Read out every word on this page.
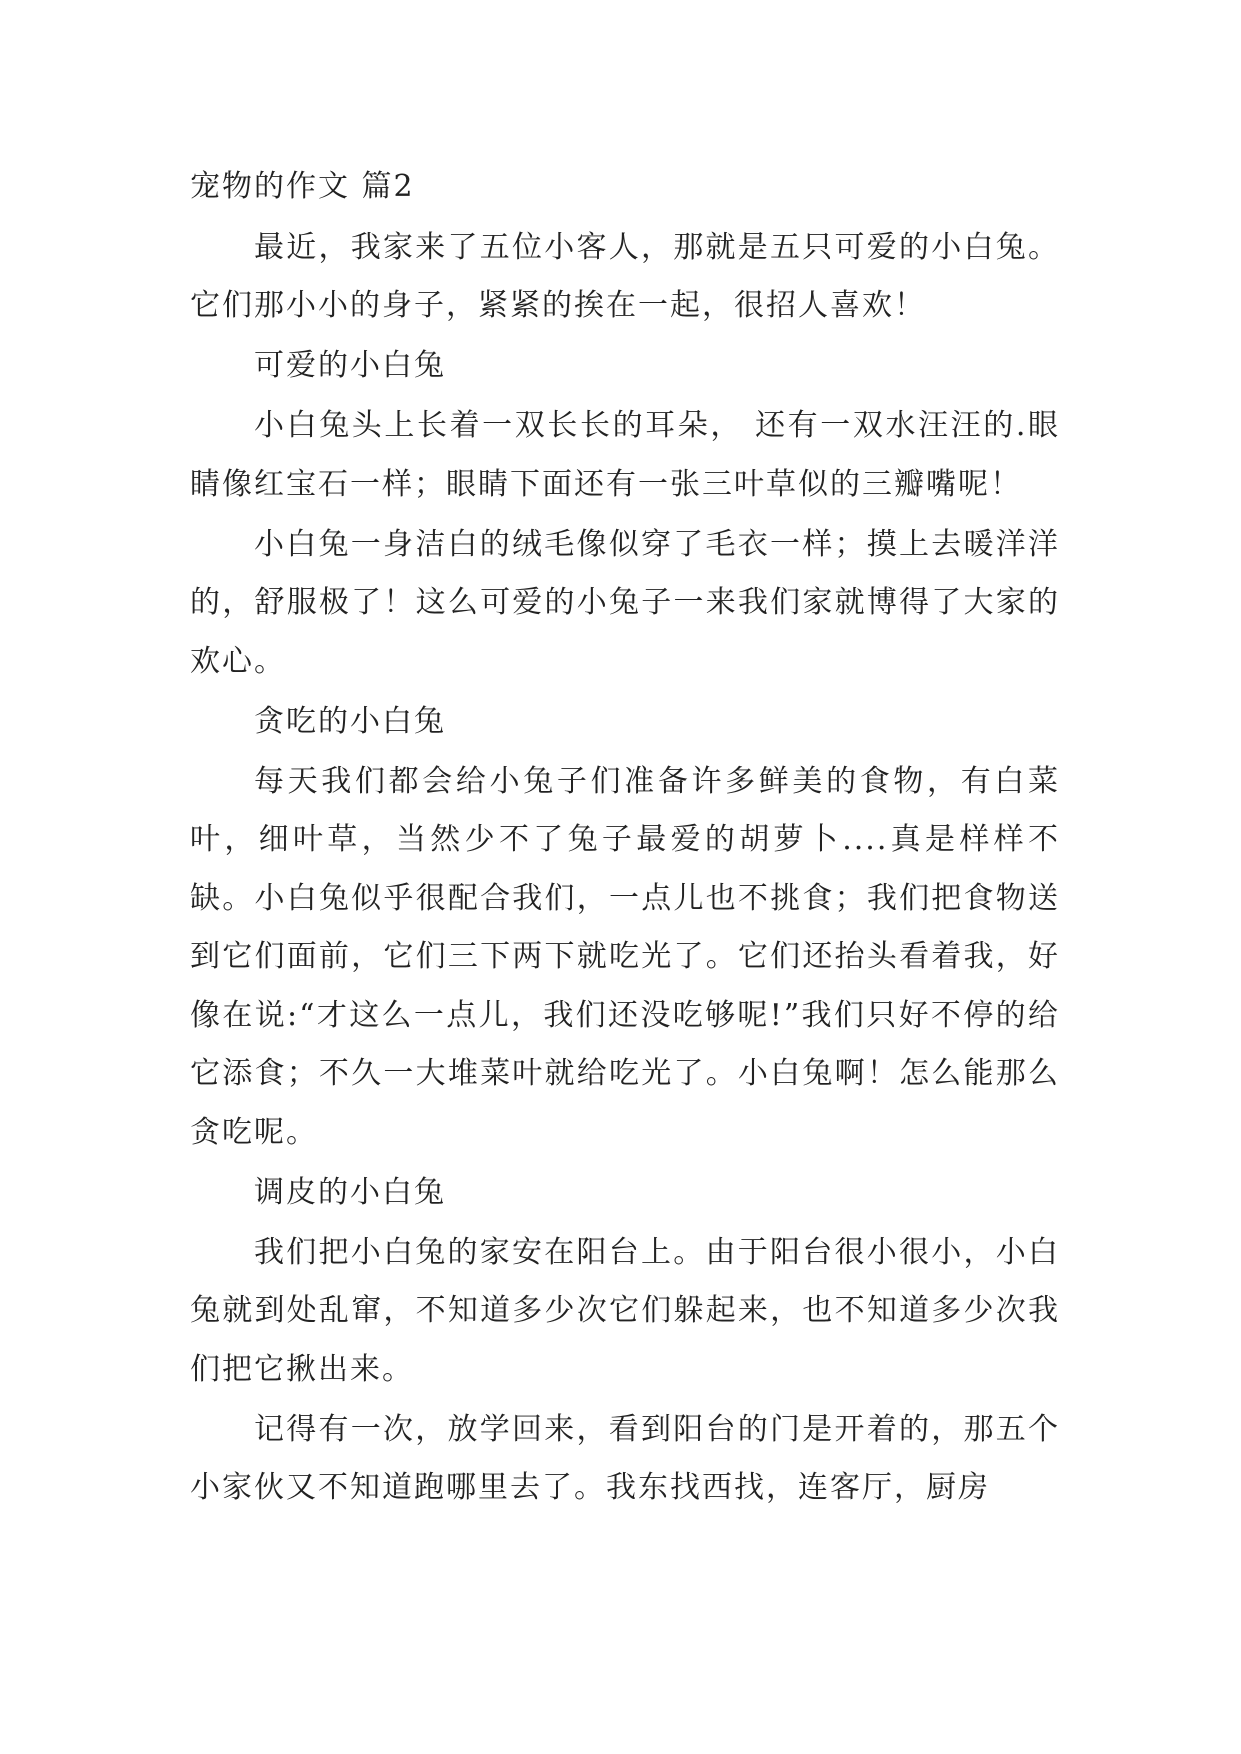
宠物的作文 篇2

最近，我家来了五位小客人，那就是五只可爱的小白兔。它们那小小的身子，紧紧的挨在一起，很招人喜欢！

可爱的小白兔

小白兔头上长着一双长长的耳朵， 还有一双水汪汪的.眼睛像红宝石一样；眼睛下面还有一张三叶草似的三瓣嘴呢！

小白兔一身洁白的绒毛像似穿了毛衣一样；摸上去暖洋洋的，舒服极了！这么可爱的小兔子一来我们家就博得了大家的欢心。

贪吃的小白兔

每天我们都会给小兔子们准备许多鲜美的食物，有白菜叶，细叶草，当然少不了兔子最爱的胡萝卜....真是样样不缺。小白兔似乎很配合我们，一点儿也不挑食；我们把食物送到它们面前，它们三下两下就吃光了。它们还抬头看着我，好像在说:“才这么一点儿，我们还没吃够呢!”我们只好不停的给它添食；不久一大堆菜叶就给吃光了。小白兔啊！怎么能那么贪吃呢。

调皮的小白兔

我们把小白兔的家安在阳台上。由于阳台很小很小，小白兔就到处乱窜，不知道多少次它们躲起来，也不知道多少次我们把它揪出来。

记得有一次，放学回来，看到阳台的门是开着的，那五个小家伙又不知道跑哪里去了。我东找西找，连客厅，厨房
